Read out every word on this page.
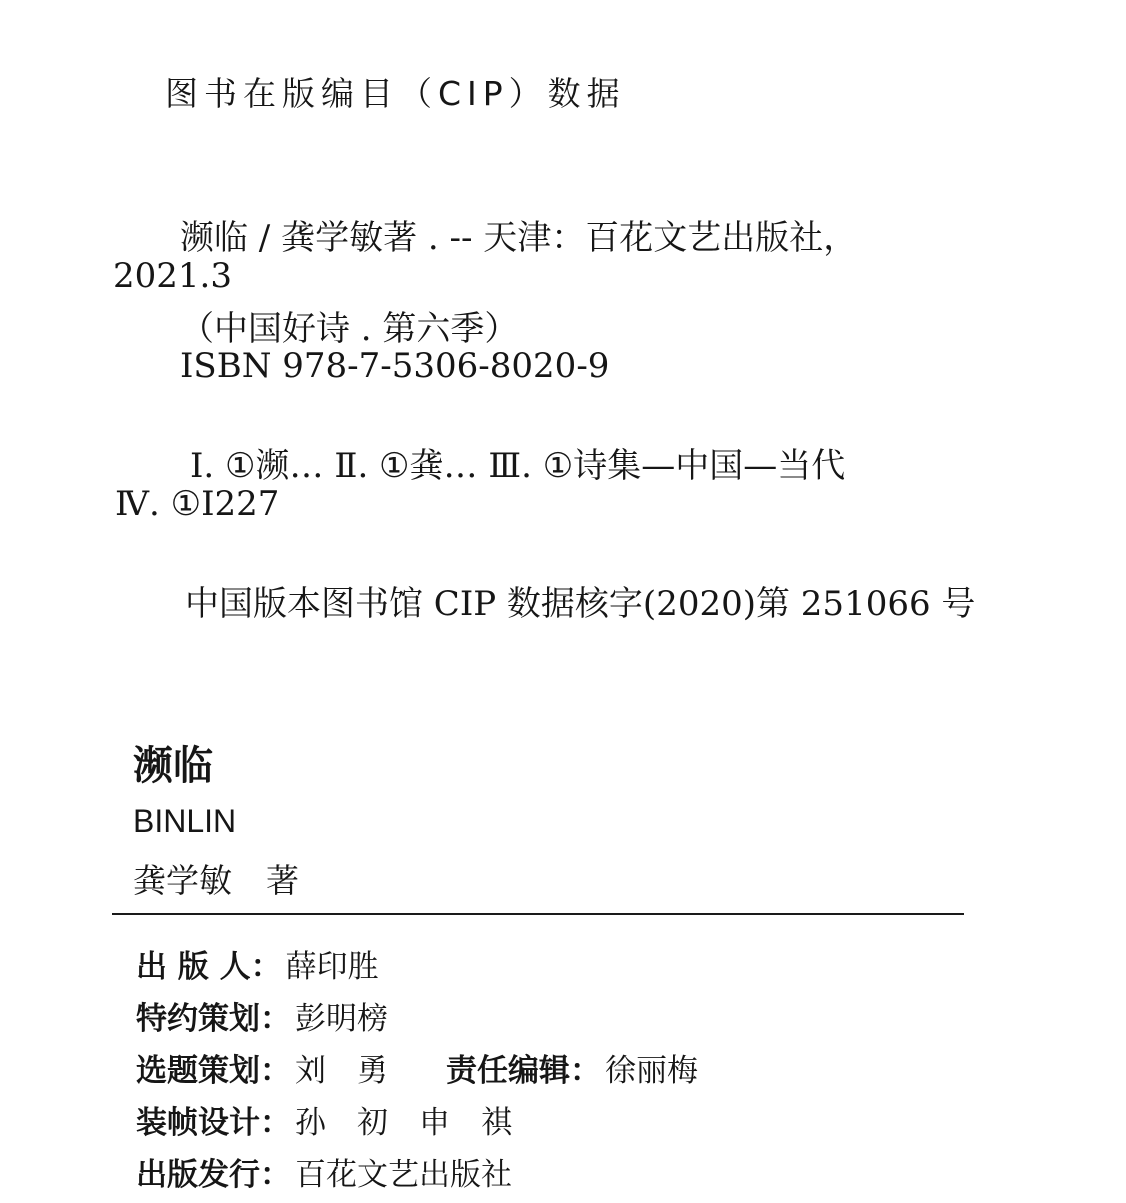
图书在版编目（CIP）数据
濒临 / 龚学敏著 . -- 天津：百花文艺出版社，
2021.3
（中国好诗 . 第六季）
ISBN 978-7-5306-8020-9
Ⅰ. ①濒… Ⅱ. ①龚… Ⅲ. ①诗集—中国—当代
Ⅳ. ①I227
中国版本图书馆 CIP 数据核字(2020)第 251066 号
濒临
BINLIN
龚学敏 著
出 版 人： 薛印胜
特约策划： 彭明榜
选题策划： 刘　勇 责任编辑： 徐丽梅
装帧设计： 孙　初　申　祺
出版发行： 百花文艺出版社
